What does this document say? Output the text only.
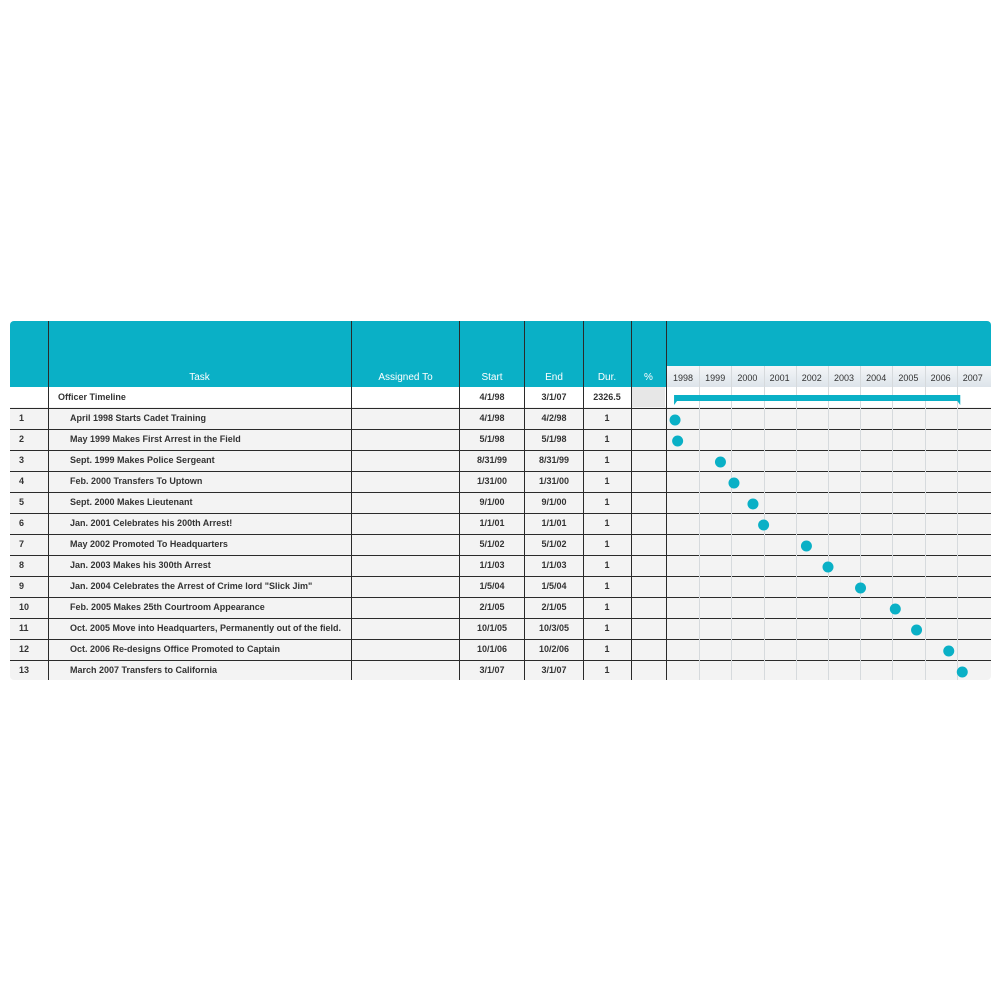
Task	Assigned To	Start	End	Dur.	%	1998	1999	2000	2001	2002	2003	2004	2005	2006	2007
Officer Timeline	4/1/98	3/1/07	2326.5
1	April 1998 Starts Cadet Training	4/1/98	4/2/98	1
2	May 1999 Makes First Arrest in the Field	5/1/98	5/1/98	1
3	Sept. 1999 Makes Police Sergeant	8/31/99	8/31/99	1
4	Feb. 2000 Transfers To Uptown	1/31/00	1/31/00	1
5	Sept. 2000 Makes Lieutenant	9/1/00	9/1/00	1
6	Jan. 2001 Celebrates his 200th Arrest!	1/1/01	1/1/01	1
7	May 2002 Promoted To Headquarters	5/1/02	5/1/02	1
8	Jan. 2003 Makes his 300th Arrest	1/1/03	1/1/03	1
9	Jan. 2004 Celebrates the Arrest of Crime lord "Slick Jim"	1/5/04	1/5/04	1
10	Feb. 2005 Makes 25th Courtroom Appearance	2/1/05	2/1/05	1
11	Oct. 2005 Move into Headquarters, Permanently out of the field.	10/1/05	10/3/05	1
12	Oct. 2006 Re-designs Office Promoted to Captain	10/1/06	10/2/06	1
13	March 2007 Transfers to California	3/1/07	3/1/07	1
